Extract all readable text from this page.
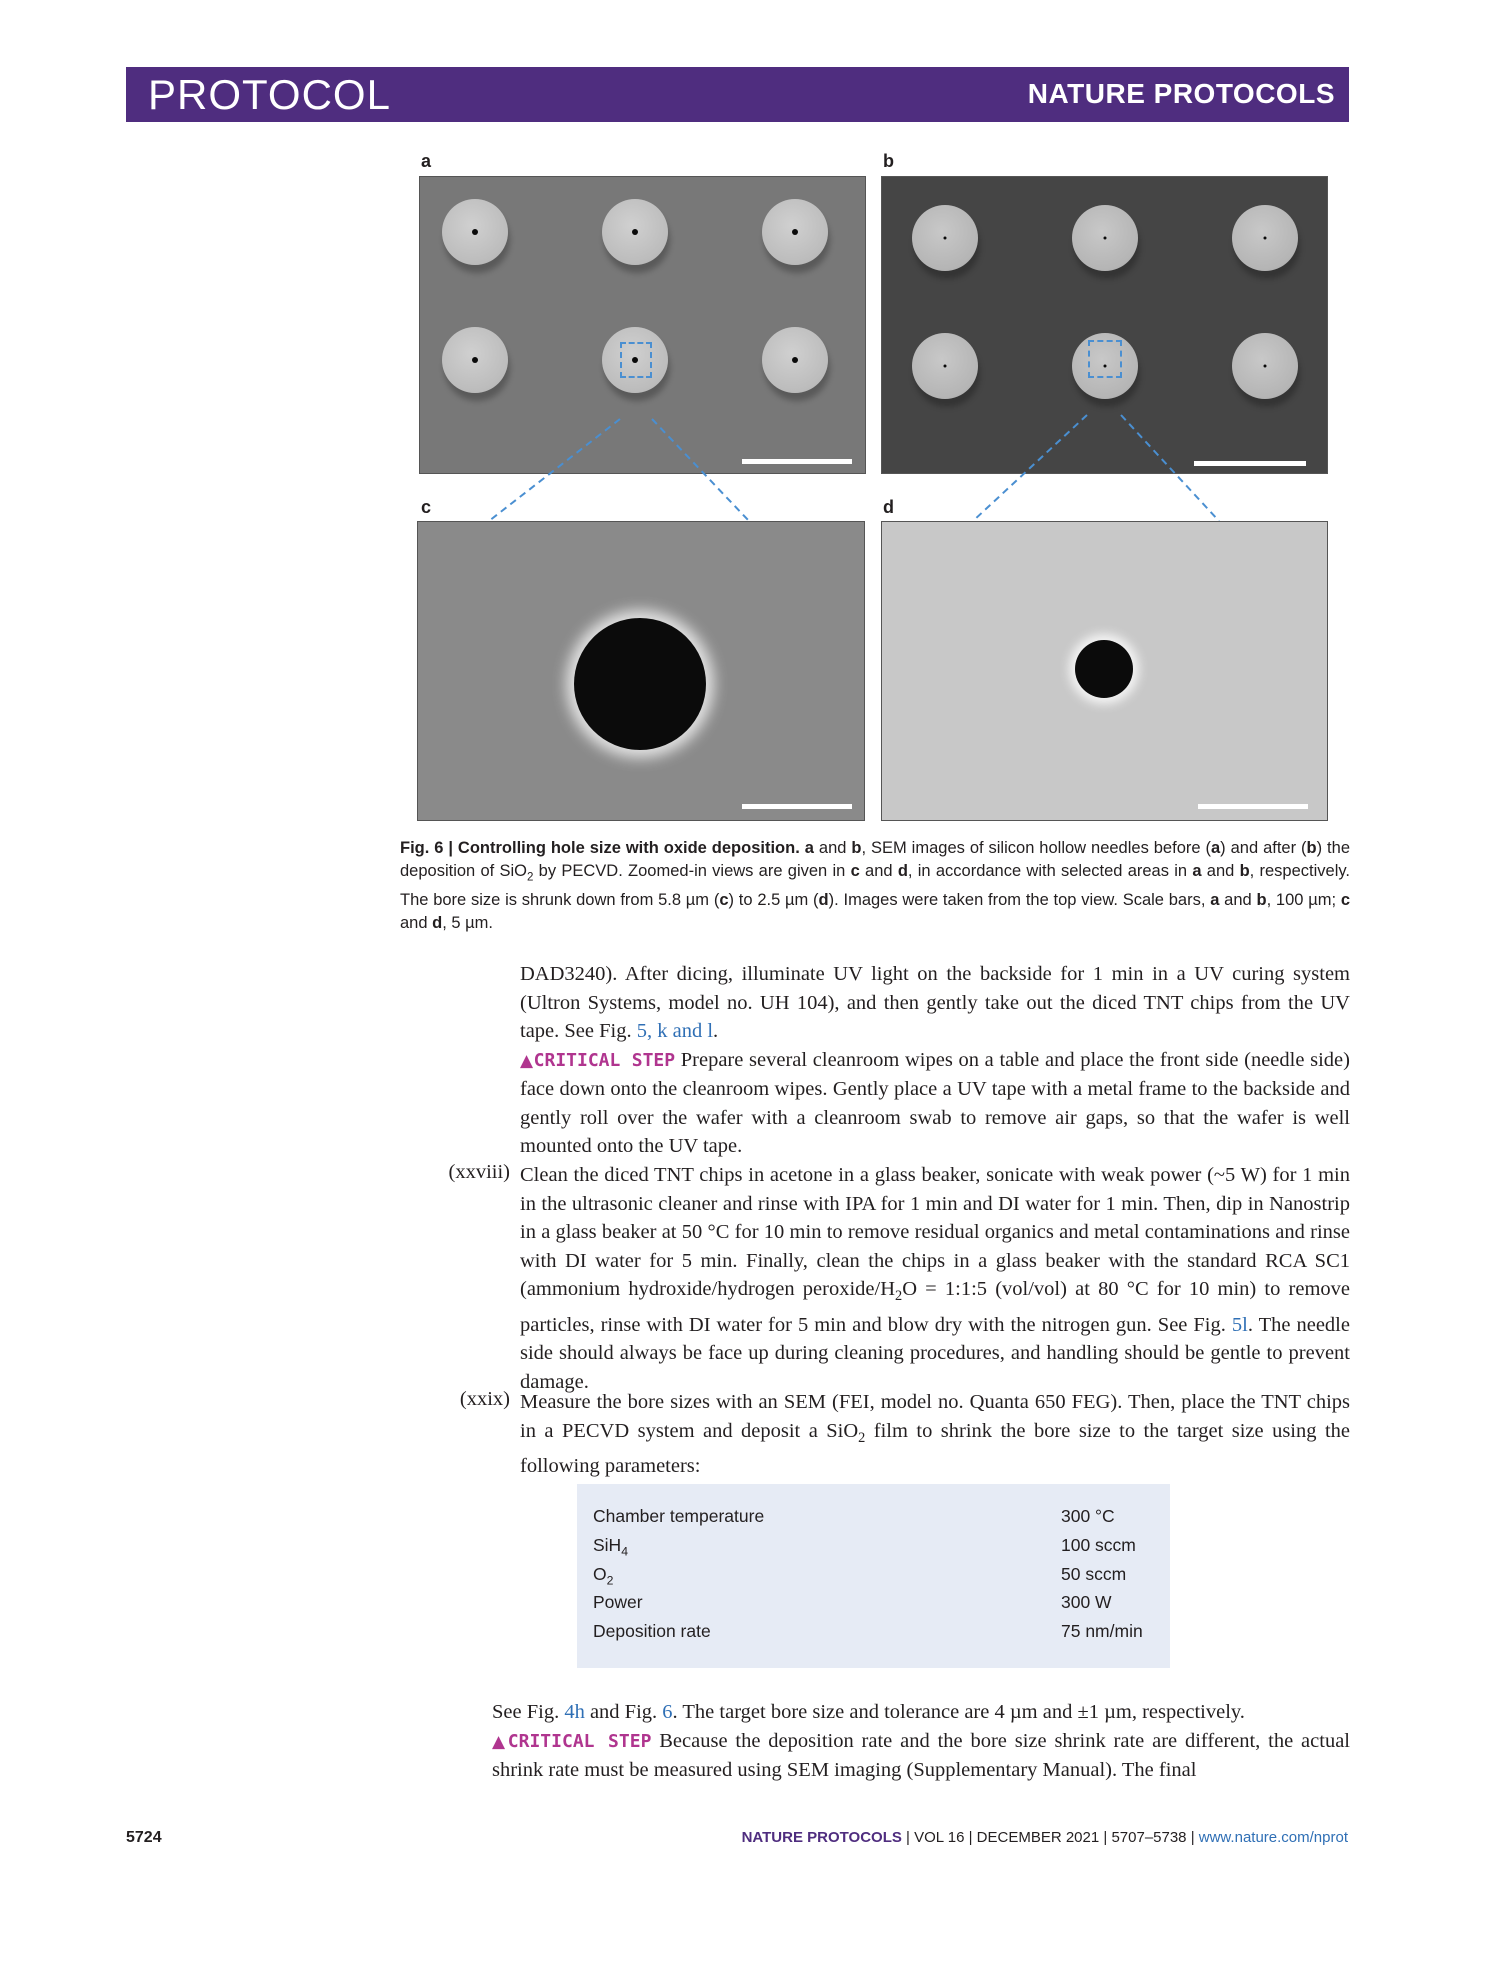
PROTOCOL	NATURE PROTOCOLS
a	b
c	d
Fig. 6 | Controlling hole size with oxide deposition. a and b, SEM images of silicon hollow needles before (a) and after (b) the deposition of SiO$_2$ by PECVD. Zoomed-in views are given in c and d, in accordance with selected areas in a and b, respectively. The bore size is shrunk down from 5.8 µm (c) to 2.5 µm (d). Images were taken from the top view. Scale bars, a and b, 100 µm; c and d, 5 µm.

DAD3240). After dicing, illuminate UV light on the backside for 1 min in a UV curing system (Ultron Systems, model no. UH 104), and then gently take out the diced TNT chips from the UV tape. See Fig. 5, k and l.

▲CRITICAL STEP Prepare several cleanroom wipes on a table and place the front side (needle side) face down onto the cleanroom wipes. Gently place a UV tape with a metal frame to the backside and gently roll over the wafer with a cleanroom swab to remove air gaps, so that the wafer is well mounted onto the UV tape.

(xxviii) Clean the diced TNT chips in acetone in a glass beaker, sonicate with weak power (~5 W) for 1 min in the ultrasonic cleaner and rinse with IPA for 1 min and DI water for 1 min. Then, dip in Nanostrip in a glass beaker at 50 °C for 10 min to remove residual organics and metal contaminations and rinse with DI water for 5 min. Finally, clean the chips in a glass beaker with the standard RCA SC1 (ammonium hydroxide/hydrogen peroxide/$H_2O$ = 1:1:5 (vol/vol) at 80 °C for 10 min) to remove particles, rinse with DI water for 5 min and blow dry with the nitrogen gun. See Fig. 5l. The needle side should always be face up during cleaning procedures, and handling should be gentle to prevent damage.

(xxix) Measure the bore sizes with an SEM (FEI, model no. Quanta 650 FEG). Then, place the TNT chips in a PECVD system and deposit a SiO$_2$ film to shrink the bore size to the target size using the following parameters:

Chamber temperature	300 °C
SiH$_4$	100 sccm
$O_2$	50 sccm
Power	300 W
Deposition rate	75 nm/min

See Fig. 4h and Fig. 6. The target bore size and tolerance are 4 µm and ±1 µm, respectively.

▲CRITICAL STEP Because the deposition rate and the bore size shrink rate are different, the actual shrink rate must be measured using SEM imaging (Supplementary Manual). The final

5724	NATURE PROTOCOLS | VOL 16 | DECEMBER 2021 | 5707–5738 | www.nature.com/nprot
